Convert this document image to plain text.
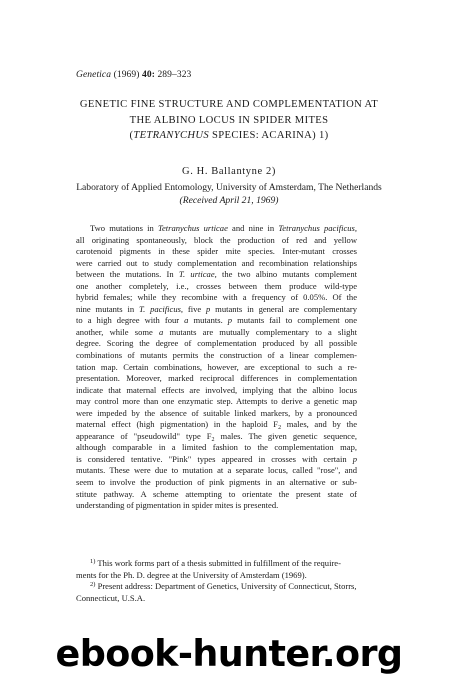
Genetica (1969) 40: 289–323
GENETIC FINE STRUCTURE AND COMPLEMENTATION AT
THE ALBINO LOCUS IN SPIDER MITES
(TETRANYCHUS SPECIES: ACARINA) 1)
G. H. Ballantyne 2)
Laboratory of Applied Entomology, University of Amsterdam, The Netherlands
(Received April 21, 1969)
Two mutations in Tetranychus urticae and nine in Tetranychus pacificus,
all originating spontaneously, block the production of red and yellow
carotenoid pigments in these spider mite species. Inter-mutant crosses
were carried out to study complementation and recombination relationships
between the mutations. In T. urticae, the two albino mutants complement
one another completely, i.e., crosses between them produce wild-type
hybrid females; while they recombine with a frequency of 0.05%. Of the
nine mutants in T. pacificus, five p mutants in general are complementary
to a high degree with four a mutants. p mutants fail to complement one
another, while some a mutants are mutually complementary to a slight
degree. Scoring the degree of complementation produced by all possible
combinations of mutants permits the construction of a linear complemen-
tation map. Certain combinations, however, are exceptional to such a re-
presentation. Moreover, marked reciprocal differences in complementation
indicate that maternal effects are involved, implying that the albino locus
may control more than one enzymatic step. Attempts to derive a genetic map
were impeded by the absence of suitable linked markers, by a pronounced
maternal effect (high pigmentation) in the haploid $F_2$ males, and by the
appearance of "pseudowild" type $F_2$ males. The given genetic sequence,
although comparable in a limited fashion to the complementation map,
is considered tentative. "Pink" types appeared in crosses with certain p
mutants. These were due to mutation at a separate locus, called "rose", and
seem to involve the production of pink pigments in an alternative or sub-
stitute pathway. A scheme attempting to orientate the present state of
understanding of pigmentation in spider mites is presented.
$^{1)}$ This work forms part of a thesis submitted in fulfillment of the require-
ments for the Ph. D. degree at the University of Amsterdam (1969).
$^{2)}$ Present address: Department of Genetics, University of Connecticut, Storrs,
Connecticut, U.S.A.
ebook-hunter.org
